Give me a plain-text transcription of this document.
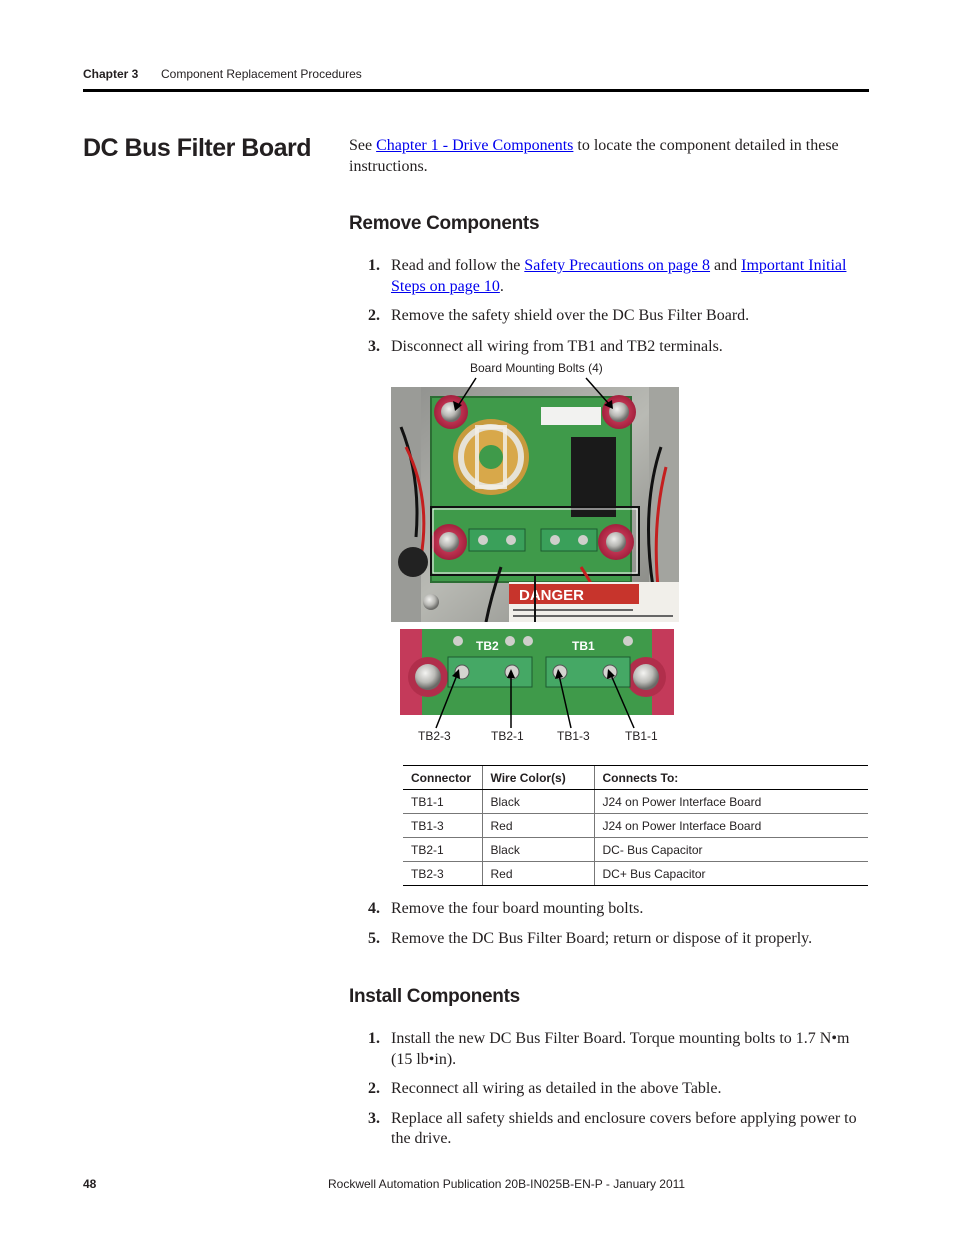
Chapter 3 Component Replacement Procedures
DC Bus Filter Board See Chapter 1 - Drive Components to locate the component detailed in these instructions.
Remove Components
1. Read and follow the Safety Precautions on page 8 and Important Initial Steps on page 10.
2. Remove the safety shield over the DC Bus Filter Board.
3. Disconnect all wiring from TB1 and TB2 terminals.
Board Mounting Bolts (4)
DANGER
TB2	TB1
TB2-3	TB2-1	TB1-3	TB1-1
Connector	Wire Color(s)	Connects To:
TB1-1	Black	J24 on Power Interface Board
TB1-3	Red	J24 on Power Interface Board
TB2-1	Black	DC- Bus Capacitor
TB2-3	Red	DC+ Bus Capacitor
4. Remove the four board mounting bolts.
5. Remove the DC Bus Filter Board; return or dispose of it properly.
Install Components
1. Install the new DC Bus Filter Board. Torque mounting bolts to 1.7 N•m (15 lb•in).
2. Reconnect all wiring as detailed in the above Table.
3. Replace all safety shields and enclosure covers before applying power to the drive.
48	Rockwell Automation Publication 20B-IN025B-EN-P - January 2011
